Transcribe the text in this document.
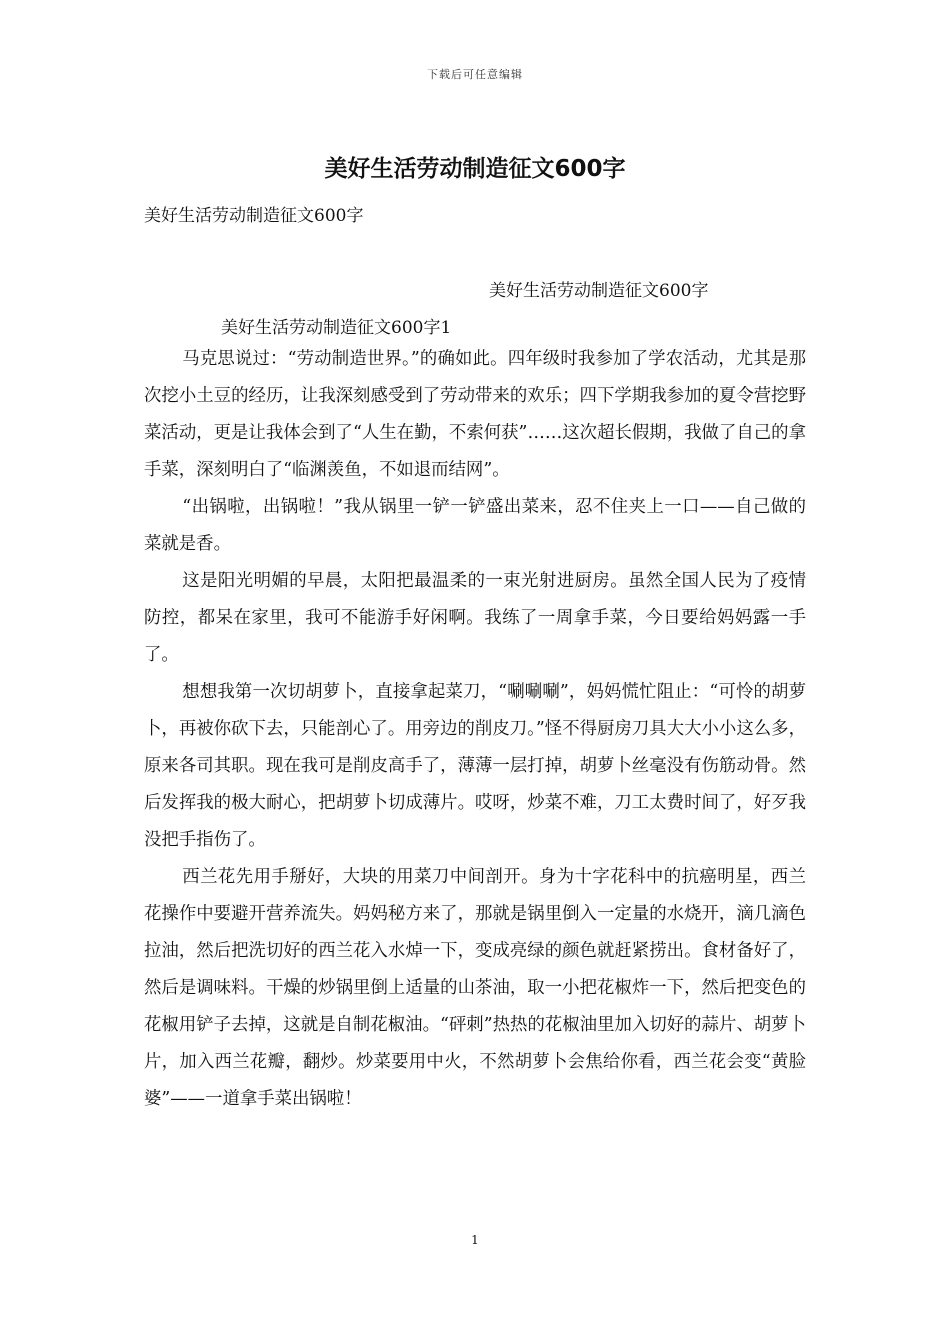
下载后可任意编辑
美好生活劳动制造征文600字
美好生活劳动制造征文600字
美好生活劳动制造征文600字
美好生活劳动制造征文600字1

马克思说过：“劳动制造世界。”的确如此。四年级时我参加了学农活动，尤其是那次挖小土豆的经历，让我深刻感受到了劳动带来的欢乐；四下学期我参加的夏令营挖野菜活动，更是让我体会到了“人生在勤，不索何获”……这次超长假期，我做了自己的拿手菜，深刻明白了“临渊羡鱼，不如退而结网”。

“出锅啦，出锅啦！”我从锅里一铲一铲盛出菜来，忍不住夹上一口——自己做的菜就是香。

这是阳光明媚的早晨，太阳把最温柔的一束光射进厨房。虽然全国人民为了疫情防控，都呆在家里，我可不能游手好闲啊。我练了一周拿手菜，今日要给妈妈露一手了。

想想我第一次切胡萝卜，直接拿起菜刀，“唰唰唰”，妈妈慌忙阻止：“可怜的胡萝卜，再被你砍下去，只能剖心了。用旁边的削皮刀。”怪不得厨房刀具大大小小这么多，原来各司其职。现在我可是削皮高手了，薄薄一层打掉，胡萝卜丝毫没有伤筋动骨。然后发挥我的极大耐心，把胡萝卜切成薄片。哎呀，炒菜不难，刀工太费时间了，好歹我没把手指伤了。

西兰花先用手掰好，大块的用菜刀中间剖开。身为十字花科中的抗癌明星，西兰花操作中要避开营养流失。妈妈秘方来了，那就是锅里倒入一定量的水烧开，滴几滴色拉油，然后把洗切好的西兰花入水焯一下，变成亮绿的颜色就赶紧捞出。食材备好了，然后是调味料。干燥的炒锅里倒上适量的山茶油，取一小把花椒炸一下，然后把变色的花椒用铲子去掉，这就是自制花椒油。“砰刺”热热的花椒油里加入切好的蒜片、胡萝卜片，加入西兰花瓣，翻炒。炒菜要用中火，不然胡萝卜会焦给你看，西兰花会变“黄脸婆”——一道拿手菜出锅啦！

1
